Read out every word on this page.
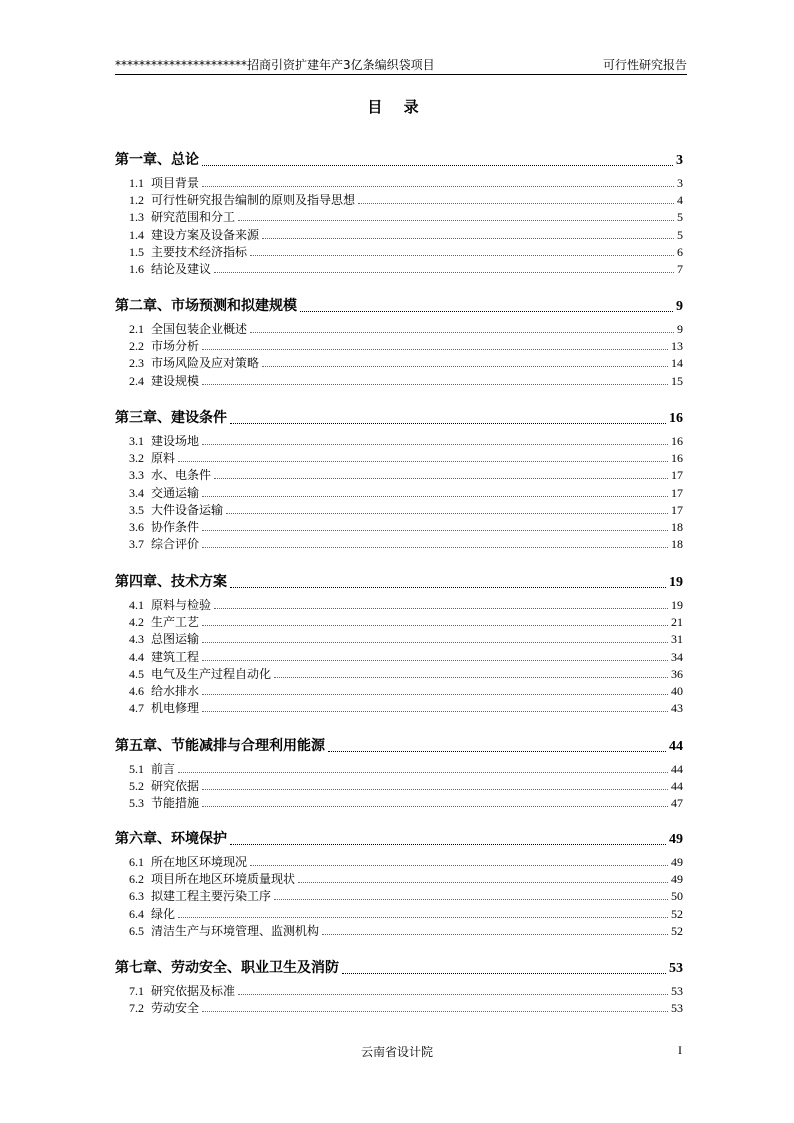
**********************招商引资扩建年产3亿条编织袋项目	可行性研究报告
目 录
第一章、总论	3
1.1 项目背景	3
1.2 可行性研究报告编制的原则及指导思想	4
1.3 研究范围和分工	5
1.4 建设方案及设备来源	5
1.5 主要技术经济指标	6
1.6 结论及建议	7
第二章、市场预测和拟建规模	9
2.1 全国包装企业概述	9
2.2 市场分析	13
2.3 市场风险及应对策略	14
2.4 建设规模	15
第三章、建设条件	16
3.1 建设场地	16
3.2 原料	16
3.3 水、电条件	17
3.4 交通运输	17
3.5 大件设备运输	17
3.6 协作条件	18
3.7 综合评价	18
第四章、技术方案	19
4.1 原料与检验	19
4.2 生产工艺	21
4.3 总图运输	31
4.4 建筑工程	34
4.5 电气及生产过程自动化	36
4.6 给水排水	40
4.7 机电修理	43
第五章、节能减排与合理利用能源	44
5.1 前言	44
5.2 研究依据	44
5.3 节能措施	47
第六章、环境保护	49
6.1 所在地区环境现况	49
6.2 项目所在地区环境质量现状	49
6.3 拟建工程主要污染工序	50
6.4 绿化	52
6.5 清洁生产与环境管理、监测机构	52
第七章、劳动安全、职业卫生及消防	53
7.1 研究依据及标准	53
7.2 劳动安全	53
云南省设计院	I
